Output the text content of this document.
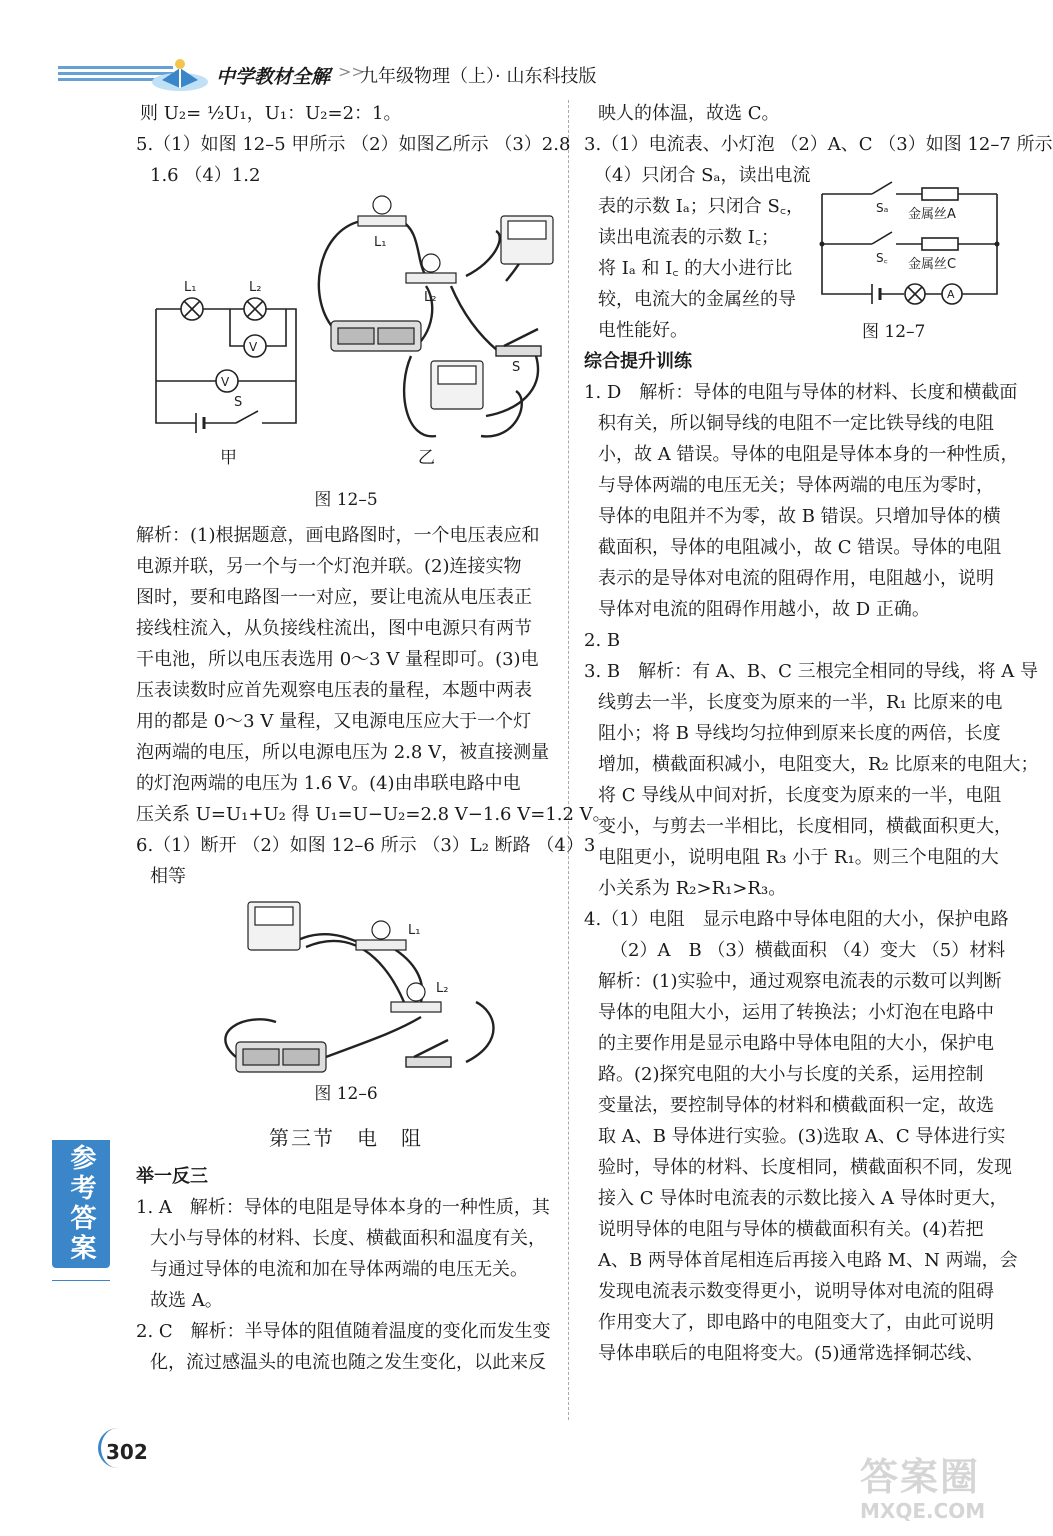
中学教材全解 >>
九年级物理（上）· 山东科技版
则 U₂= ½U₁，U₁：U₂=2：1。
5.（1）如图 12–5 甲所示 （2）如图乙所示 （3）2.8
1.6 （4）1.2
L₁	L₂
V
V
S
L₁
L₂
S
甲	乙
图 12–5
解析：(1)根据题意，画电路图时，一个电压表应和
电源并联，另一个与一个灯泡并联。(2)连接实物
图时，要和电路图一一对应，要让电流从电压表正
接线柱流入，从负接线柱流出，图中电源只有两节
干电池，所以电压表选用 0～3 V 量程即可。(3)电
压表读数时应首先观察电压表的量程，本题中两表
用的都是 0～3 V 量程，又电源电压应大于一个灯
泡两端的电压，所以电源电压为 2.8 V，被直接测量
的灯泡两端的电压为 1.6 V。(4)由串联电路中电
压关系 U=U₁+U₂ 得 U₁=U−U₂=2.8 V−1.6 V=1.2 V。
6.（1）断开 （2）如图 12–6 所示 （3）L₂ 断路 （4）3
相等
L₁
L₂
图 12–6
第三节　电　阻
举一反三
1. A　解析：导体的电阻是导体本身的一种性质，其
大小与导体的材料、长度、横截面积和温度有关，
与通过导体的电流和加在导体两端的电压无关。
故选 A。
2. C　解析：半导体的阻值随着温度的变化而发生变
化，流过感温头的电流也随之发生变化，以此来反
映人的体温，故选 C。
3.（1）电流表、小灯泡 （2）A、C （3）如图 12–7 所示
（4）只闭合 Sₐ，读出电流
表的示数 Iₐ；只闭合 S꜀，
读出电流表的示数 I꜀；
将 Iₐ 和 I꜀ 的大小进行比
较，电流大的金属丝的导
电性能好。
Sₐ 金属丝A
S꜀ 金属丝C
A
图 12–7
综合提升训练
1. D　解析：导体的电阻与导体的材料、长度和横截面
积有关，所以铜导线的电阻不一定比铁导线的电阻
小，故 A 错误。导体的电阻是导体本身的一种性质，
与导体两端的电压无关；导体两端的电压为零时，
导体的电阻并不为零，故 B 错误。只增加导体的横
截面积，导体的电阻减小，故 C 错误。导体的电阻
表示的是导体对电流的阻碍作用，电阻越小，说明
导体对电流的阻碍作用越小，故 D 正确。
2. B
3. B　解析：有 A、B、C 三根完全相同的导线，将 A 导
线剪去一半，长度变为原来的一半，R₁ 比原来的电
阻小；将 B 导线均匀拉伸到原来长度的两倍，长度
增加，横截面积减小，电阻变大，R₂ 比原来的电阻大；
将 C 导线从中间对折，长度变为原来的一半，电阻
变小，与剪去一半相比，长度相同，横截面积更大，
电阻更小，说明电阻 R₃ 小于 R₁。则三个电阻的大
小关系为 R₂>R₁>R₃。
4.（1）电阻　显示电路中导体电阻的大小，保护电路
（2）A　B （3）横截面积 （4）变大 （5）材料
解析：(1)实验中，通过观察电流表的示数可以判断
导体的电阻大小，运用了转换法；小灯泡在电路中
的主要作用是显示电路中导体电阻的大小，保护电
路。(2)探究电阻的大小与长度的关系，运用控制
变量法，要控制导体的材料和横截面积一定，故选
取 A、B 导体进行实验。(3)选取 A、C 导体进行实
验时，导体的材料、长度相同，横截面积不同，发现
接入 C 导体时电流表的示数比接入 A 导体时更大，
说明导体的电阻与导体的横截面积有关。(4)若把
A、B 两导体首尾相连后再接入电路 M、N 两端，会
发现电流表示数变得更小，说明导体对电流的阻碍
作用变大了，即电路中的电阻变大了，由此可说明
导体串联后的电阻将变大。(5)通常选择铜芯线、
参考答案
302
答案圈
MXQE.COM
